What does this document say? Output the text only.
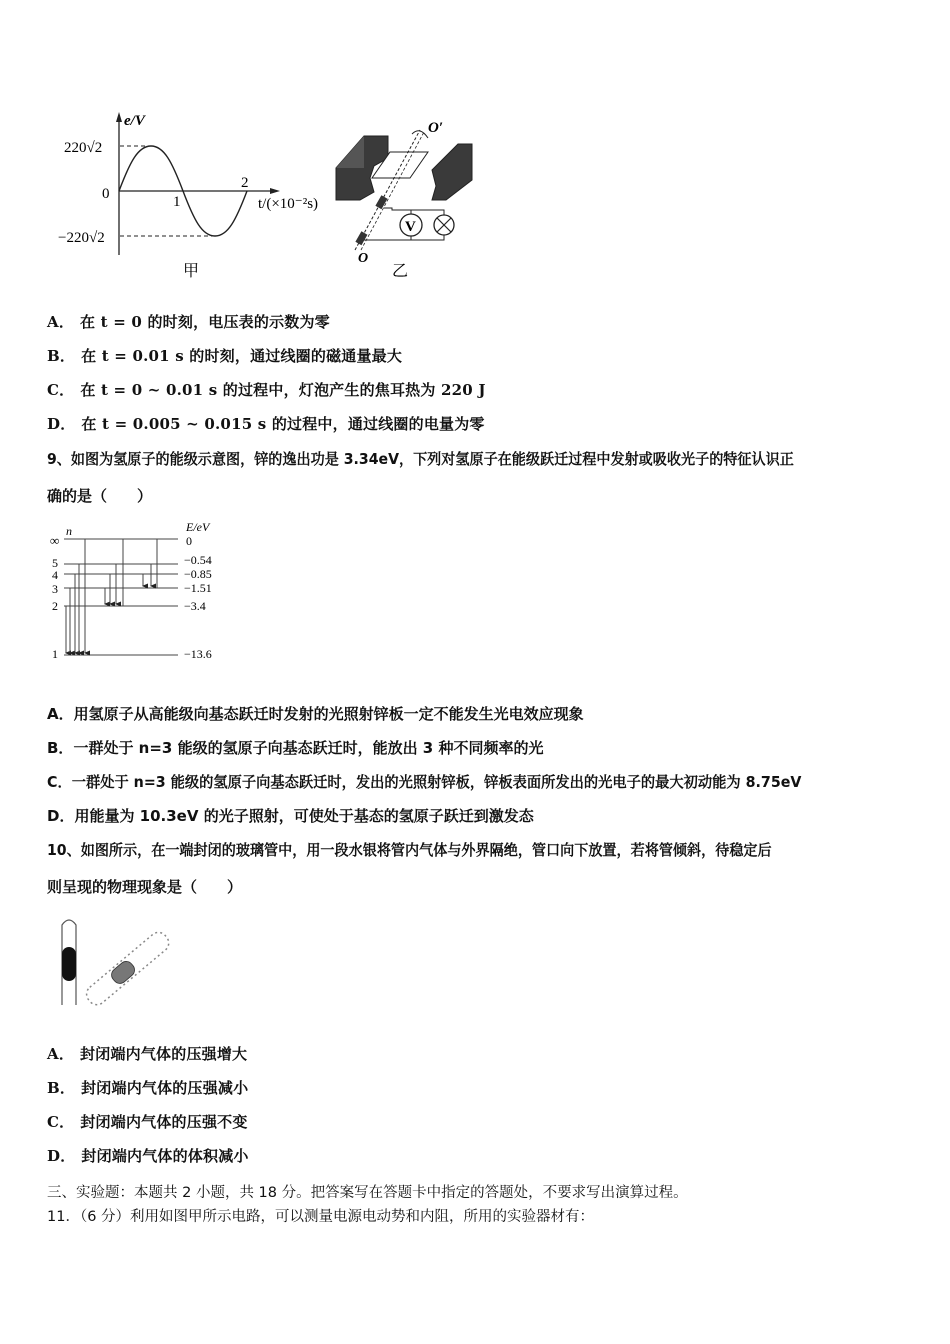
e/V
220√2
0	1
2
t/(×10⁻²s)
−220√2
甲
V
O′
O
乙
A． 在 t = 0 的时刻，电压表的示数为零
B． 在 t = 0.01 s 的时刻，通过线圈的磁通量最大
C． 在 t = 0 ~ 0.01 s 的过程中，灯泡产生的焦耳热为 220 J
D． 在 t = 0.005 ~ 0.015 s 的过程中，通过线圈的电量为零
9、如图为氢原子的能级示意图，锌的逸出功是 3.34eV，下列对氢原子在能级跃迁过程中发射或吸收光子的特征认识正
确的是（　　）
n	E/eV
∞
5
4
3
2
1
0
−0.54
−0.85
−1.51
−3.4
−13.6
A．用氢原子从高能级向基态跃迁时发射的光照射锌板一定不能发生光电效应现象
B．一群处于 n=3 能级的氢原子向基态跃迁时，能放出 3 种不同频率的光
C．一群处于 n=3 能级的氢原子向基态跃迁时，发出的光照射锌板，锌板表面所发出的光电子的最大初动能为 8.75eV
D．用能量为 10.3eV 的光子照射，可使处于基态的氢原子跃迁到激发态
10、如图所示，在一端封闭的玻璃管中，用一段水银将管内气体与外界隔绝，管口向下放置，若将管倾斜，待稳定后
则呈现的物理现象是（　　）
A． 封闭端内气体的压强增大
B． 封闭端内气体的压强减小
C． 封闭端内气体的压强不变
D． 封闭端内气体的体积减小
三、实验题：本题共 2 小题，共 18 分。把答案写在答题卡中指定的答题处，不要求写出演算过程。
11．（6 分）利用如图甲所示电路，可以测量电源电动势和内阻，所用的实验器材有：
